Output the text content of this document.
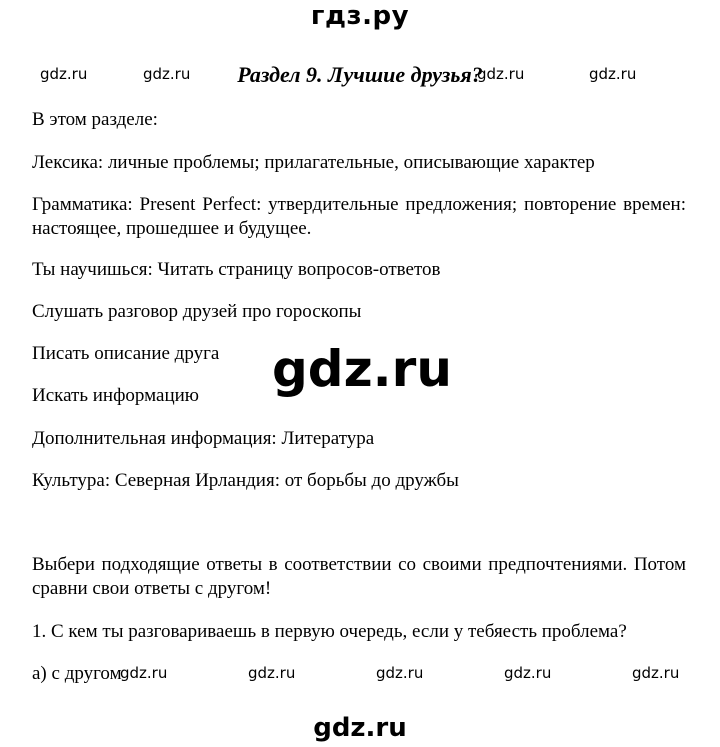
гдз.ру
gdz.ru	gdz.ru	gdz.ru
Раздел 9. Лучшие друзья?
gdz.ru
В этом разделе:
Лексика: личные проблемы; прилагательные, описывающие характер
Грамматика: Present Perfect: утвердительные предложения; повторение времен: настоящее, прошедшее и будущее.
Ты научишься: Читать страницу вопросов-ответов
Слушать разговор друзей про гороскопы
Писать описание друга
Искать информацию
Дополнительная информация: Литература
Культура: Северная Ирландия: от борьбы до дружбы
Выбери подходящие ответы в соответствии со своими предпочтениями. Потом сравни свои ответы с другом!
1. С кем ты разговариваешь в первую очередь, если у тебяесть проблема?
а) с другом
gdz.ru
gdz.ru	gdz.ru	gdz.ru	gdz.ru	gdz.ru
gdz.ru
